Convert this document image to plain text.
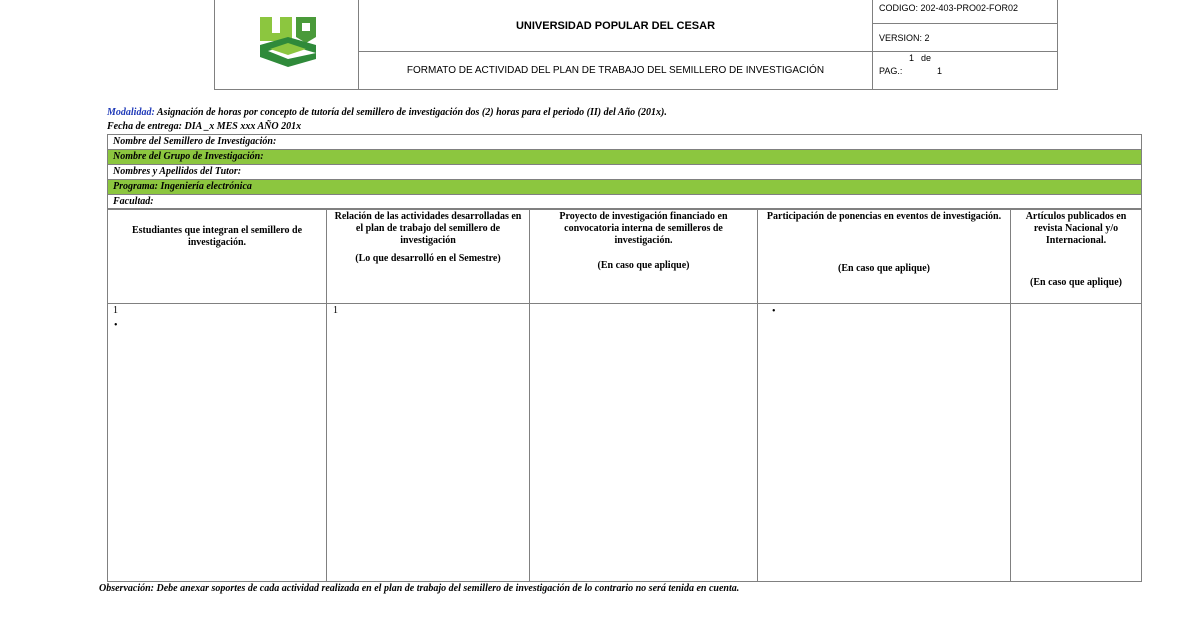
UNIVERSIDAD POPULAR DEL CESAR
FORMATO DE ACTIVIDAD DEL PLAN DE TRABAJO DEL SEMILLERO DE INVESTIGACIÓN
CODIGO: 202-403-PRO02-FOR02
VERSION: 2
1 de
PAG.:	1
Modalidad: Asignación de horas por concepto de tutoría del semillero de investigación dos (2) horas para el periodo (II) del Año (201x).
Fecha de entrega: DIA _x MES xxx AÑO 201x
Nombre del Semillero de Investigación:
Nombre del Grupo de Investigación:
Nombres y Apellidos del Tutor:
Programa: Ingeniería electrónica
Facultad:
Estudiantes que integran el semillero de investigación.
1
•
Relación de las actividades desarrolladas en el plan de trabajo del semillero de investigación
(Lo que desarrolló en el Semestre)
1
Proyecto de investigación financiado en convocatoria interna de semilleros de investigación.
(En caso que aplique)
Participación de ponencias en eventos de investigación.
(En caso que aplique)
•
Artículos publicados en revista Nacional y/o Internacional.
(En caso que aplique)
Observación: Debe anexar soportes de cada actividad realizada en el plan de trabajo del semillero de investigación de lo contrario no será tenida en cuenta.
